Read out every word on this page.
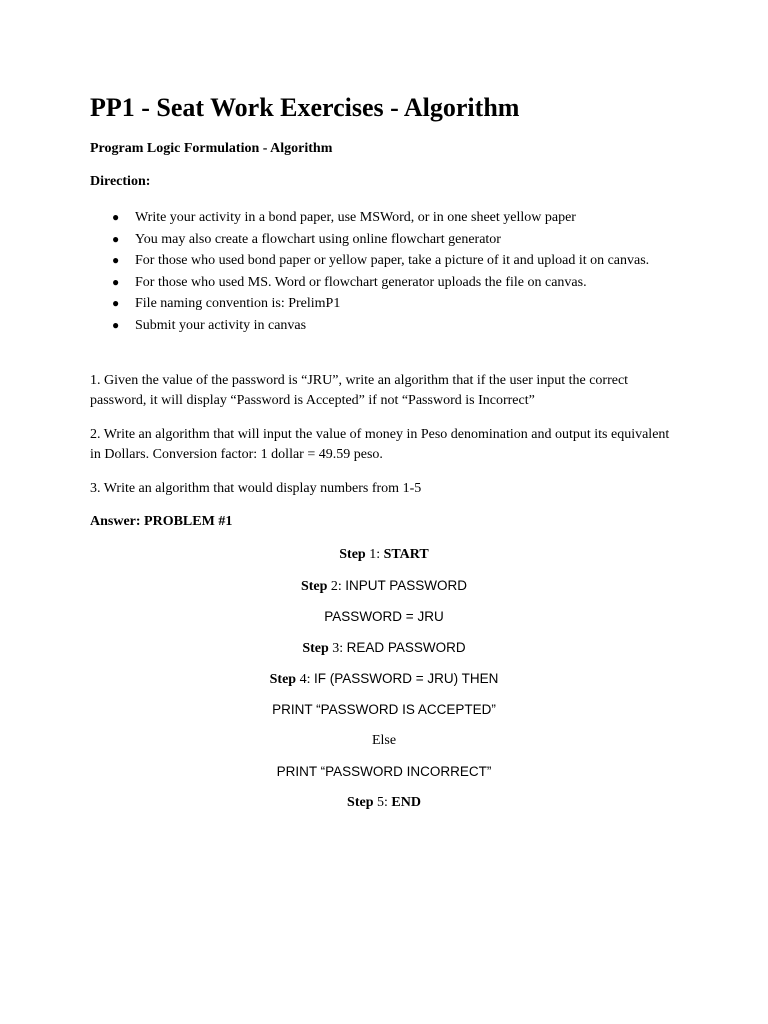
PP1 - Seat Work Exercises - Algorithm

Program Logic Formulation - Algorithm

Direction:

● Write your activity in a bond paper, use MSWord, or in one sheet yellow paper
● You may also create a flowchart using online flowchart generator
● For those who used bond paper or yellow paper, take a picture of it and upload it on canvas.
● For those who used MS. Word or flowchart generator uploads the file on canvas.
● File naming convention is: PrelimP1
● Submit your activity in canvas

1. Given the value of the password is “JRU”, write an algorithm that if the user input the correct password, it will display “Password is Accepted” if not “Password is Incorrect”

2. Write an algorithm that will input the value of money in Peso denomination and output its equivalent in Dollars. Conversion factor: 1 dollar = 49.59 peso.

3. Write an algorithm that would display numbers from 1-5

Answer: PROBLEM #1

Step 1: START
Step 2: INPUT PASSWORD
PASSWORD = JRU
Step 3: READ PASSWORD
Step 4: IF (PASSWORD = JRU) THEN
PRINT “PASSWORD IS ACCEPTED”
Else
PRINT “PASSWORD INCORRECT”
Step 5: END
